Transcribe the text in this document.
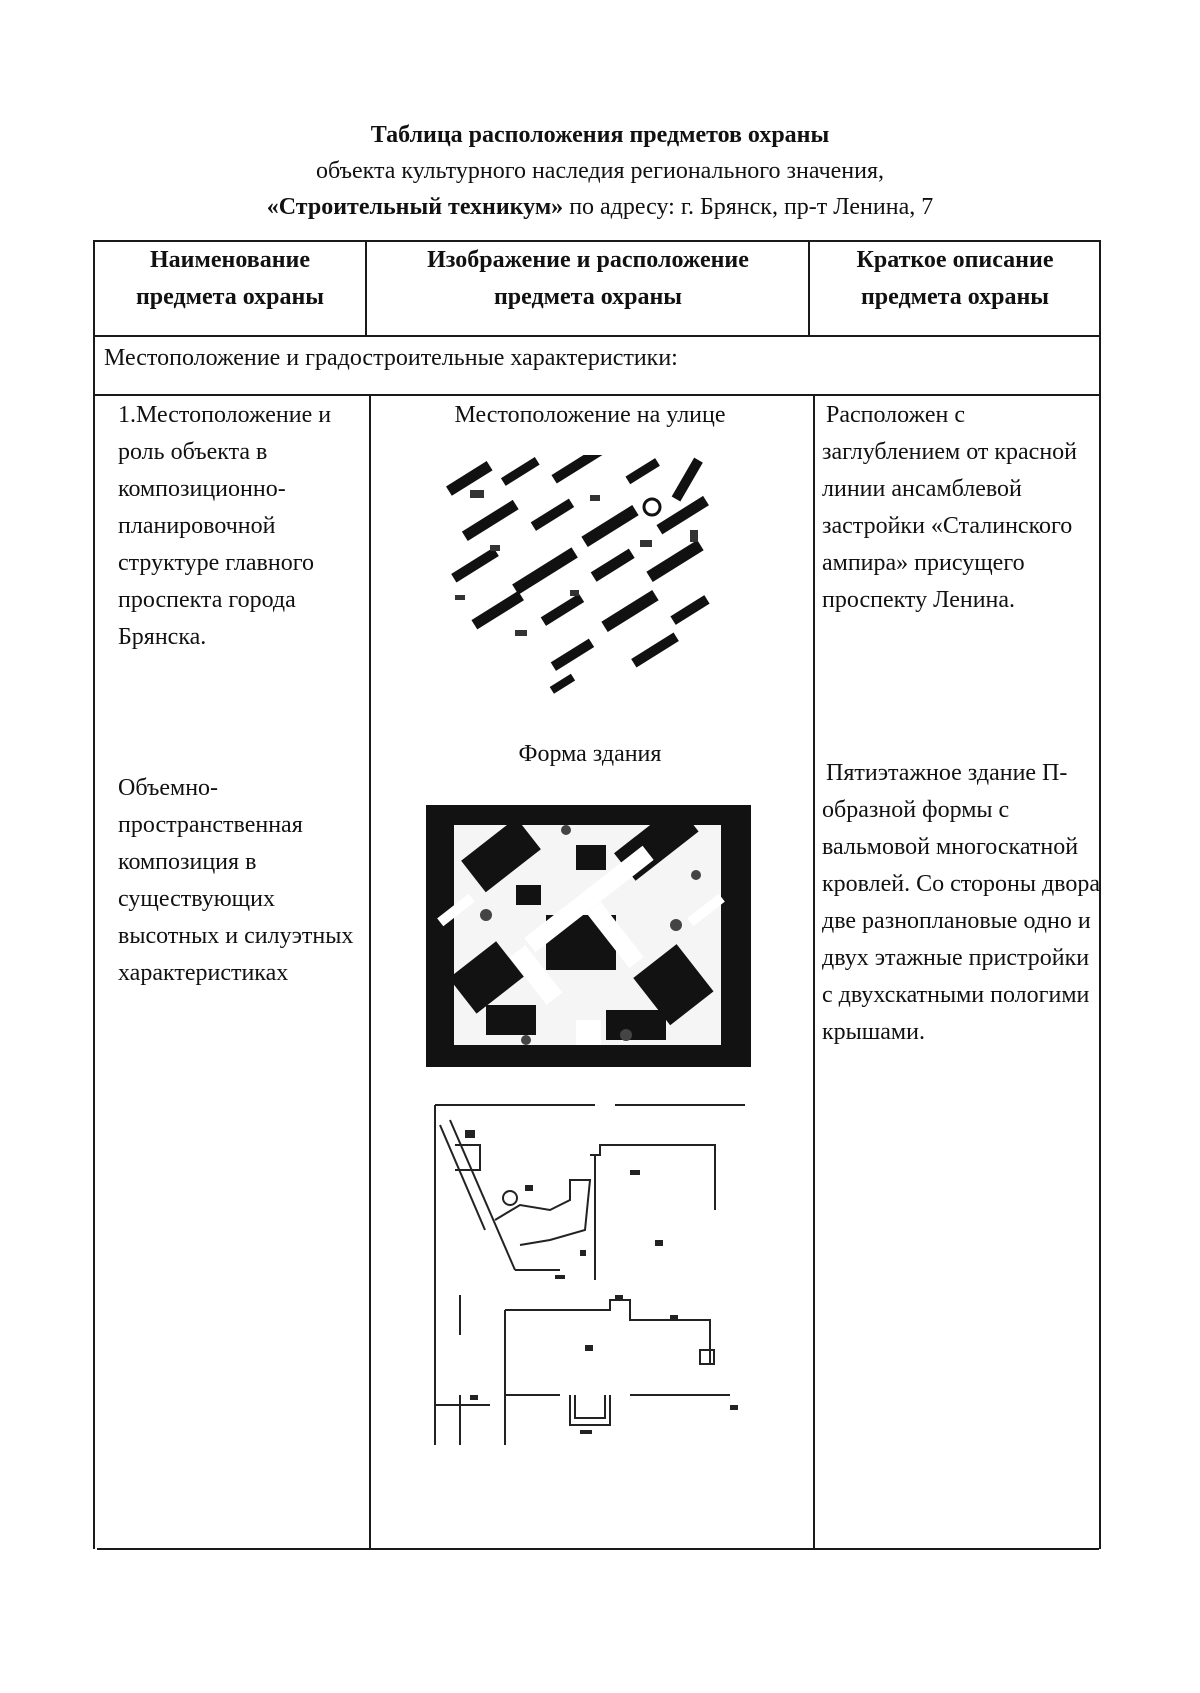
Таблица расположения предметов охраны
объекта культурного наследия регионального значения,
«Строительный техникум» по адресу: г. Брянск, пр-т Ленина, 7
Наименование предмета охраны
Изображение и расположение предмета охраны
Краткое описание предмета охраны
Местоположение и градостроительные характеристики:
1.Местоположение и роль объекта в композиционно-планировочной структуре главного проспекта города Брянска.
Местоположение на улице	Расположен с заглублением от красной линии ансамблевой застройки «Сталинского ампира» присущего проспекту Ленина.
Форма здания
Объемно-пространственная композиция в существующих высотных и силуэтных характеристиках
Пятиэтажное здание П-образной формы с вальмовой многоскатной кровлей. Со стороны двора две разноплановые одно и двух этажные пристройки с двухскатными пологими крышами.
